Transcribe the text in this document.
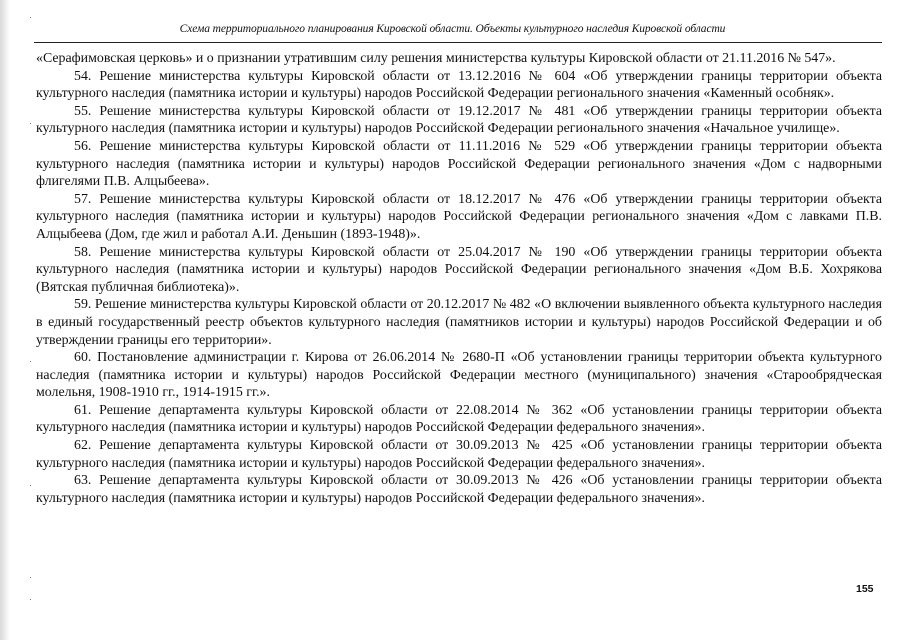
·
·
·
·
·
·
Схема территориального планирования Кировской области. Объекты культурного наследия Кировской области

«Серафимовская церковь» и о признании утратившим силу решения министерства культуры Кировской области от 21.11.2016 № 547».

54. Решение министерства культуры Кировской области от 13.12.2016 № 604 «Об утверждении границы территории объекта культурного наследия (памятника истории и культуры) народов Российской Федерации регионального значения «Каменный особняк».

55. Решение министерства культуры Кировской области от 19.12.2017 № 481 «Об утверждении границы территории объекта культурного наследия (памятника истории и культуры) народов Российской Федерации регионального значения «Начальное училище».

56. Решение министерства культуры Кировской области от 11.11.2016 № 529 «Об утверждении границы территории объекта культурного наследия (памятника истории и культуры) народов Российской Федерации регионального значения «Дом с надворными флигелями П.В. Алцыбеева».

57. Решение министерства культуры Кировской области от 18.12.2017 № 476 «Об утверждении границы территории объекта культурного наследия (памятника истории и культуры) народов Российской Федерации регионального значения «Дом с лавками П.В. Алцыбеева (Дом, где жил и работал А.И. Деньшин (1893-1948)».

58. Решение министерства культуры Кировской области от 25.04.2017 № 190 «Об утверждении границы территории объекта культурного наследия (памятника истории и культуры) народов Российской Федерации регионального значения «Дом В.Б. Хохрякова (Вятская публичная библиотека)».

59. Решение министерства культуры Кировской области от 20.12.2017 № 482 «О включении выявленного объекта культурного наследия в единый государственный реестр объектов культурного наследия (памятников истории и культуры) народов Российской Федерации и об утверждении границы его территории».

60. Постановление администрации г. Кирова от 26.06.2014 № 2680-П «Об установлении границы территории объекта культурного наследия (памятника истории и культуры) народов Российской Федерации местного (муниципального) значения «Старообрядческая молельня, 1908-1910 гг., 1914-1915 гг.».

61. Решение департамента культуры Кировской области от 22.08.2014 № 362 «Об установлении границы территории объекта культурного наследия (памятника истории и культуры) народов Российской Федерации федерального значения».

62. Решение департамента культуры Кировской области от 30.09.2013 № 425 «Об установлении границы территории объекта культурного наследия (памятника истории и культуры) народов Российской Федерации федерального значения».

63. Решение департамента культуры Кировской области от 30.09.2013 № 426 «Об установлении границы территории объекта культурного наследия (памятника истории и культуры) народов Российской Федерации федерального значения».

155
